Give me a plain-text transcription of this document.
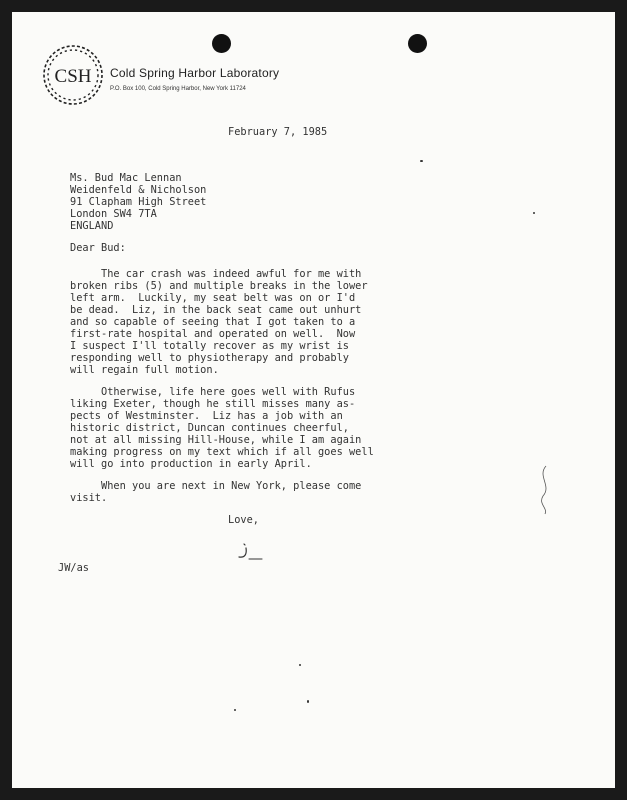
CSH Cold Spring Harbor Laboratory
P.O. Box 100, Cold Spring Harbor, New York 11724
February 7, 1985
Ms. Bud Mac Lennan
Weidenfeld & Nicholson
91 Clapham High Street
London SW4 7TA
ENGLAND
Dear Bud:
The car crash was indeed awful for me with
broken ribs (5) and multiple breaks in the lower
left arm.  Luckily, my seat belt was on or I'd
be dead.  Liz, in the back seat came out unhurt
and so capable of seeing that I got taken to a
first-rate hospital and operated on well.  Now
I suspect I'll totally recover as my wrist is
responding well to physiotherapy and probably
will regain full motion.
Otherwise, life here goes well with Rufus
liking Exeter, though he still misses many as-
pects of Westminster.  Liz has a job with an
historic district, Duncan continues cheerful,
not at all missing Hill-House, while I am again
making progress on my text which if all goes well
will go into production in early April.
When you are next in New York, please come
visit.
Love,
JW/as
